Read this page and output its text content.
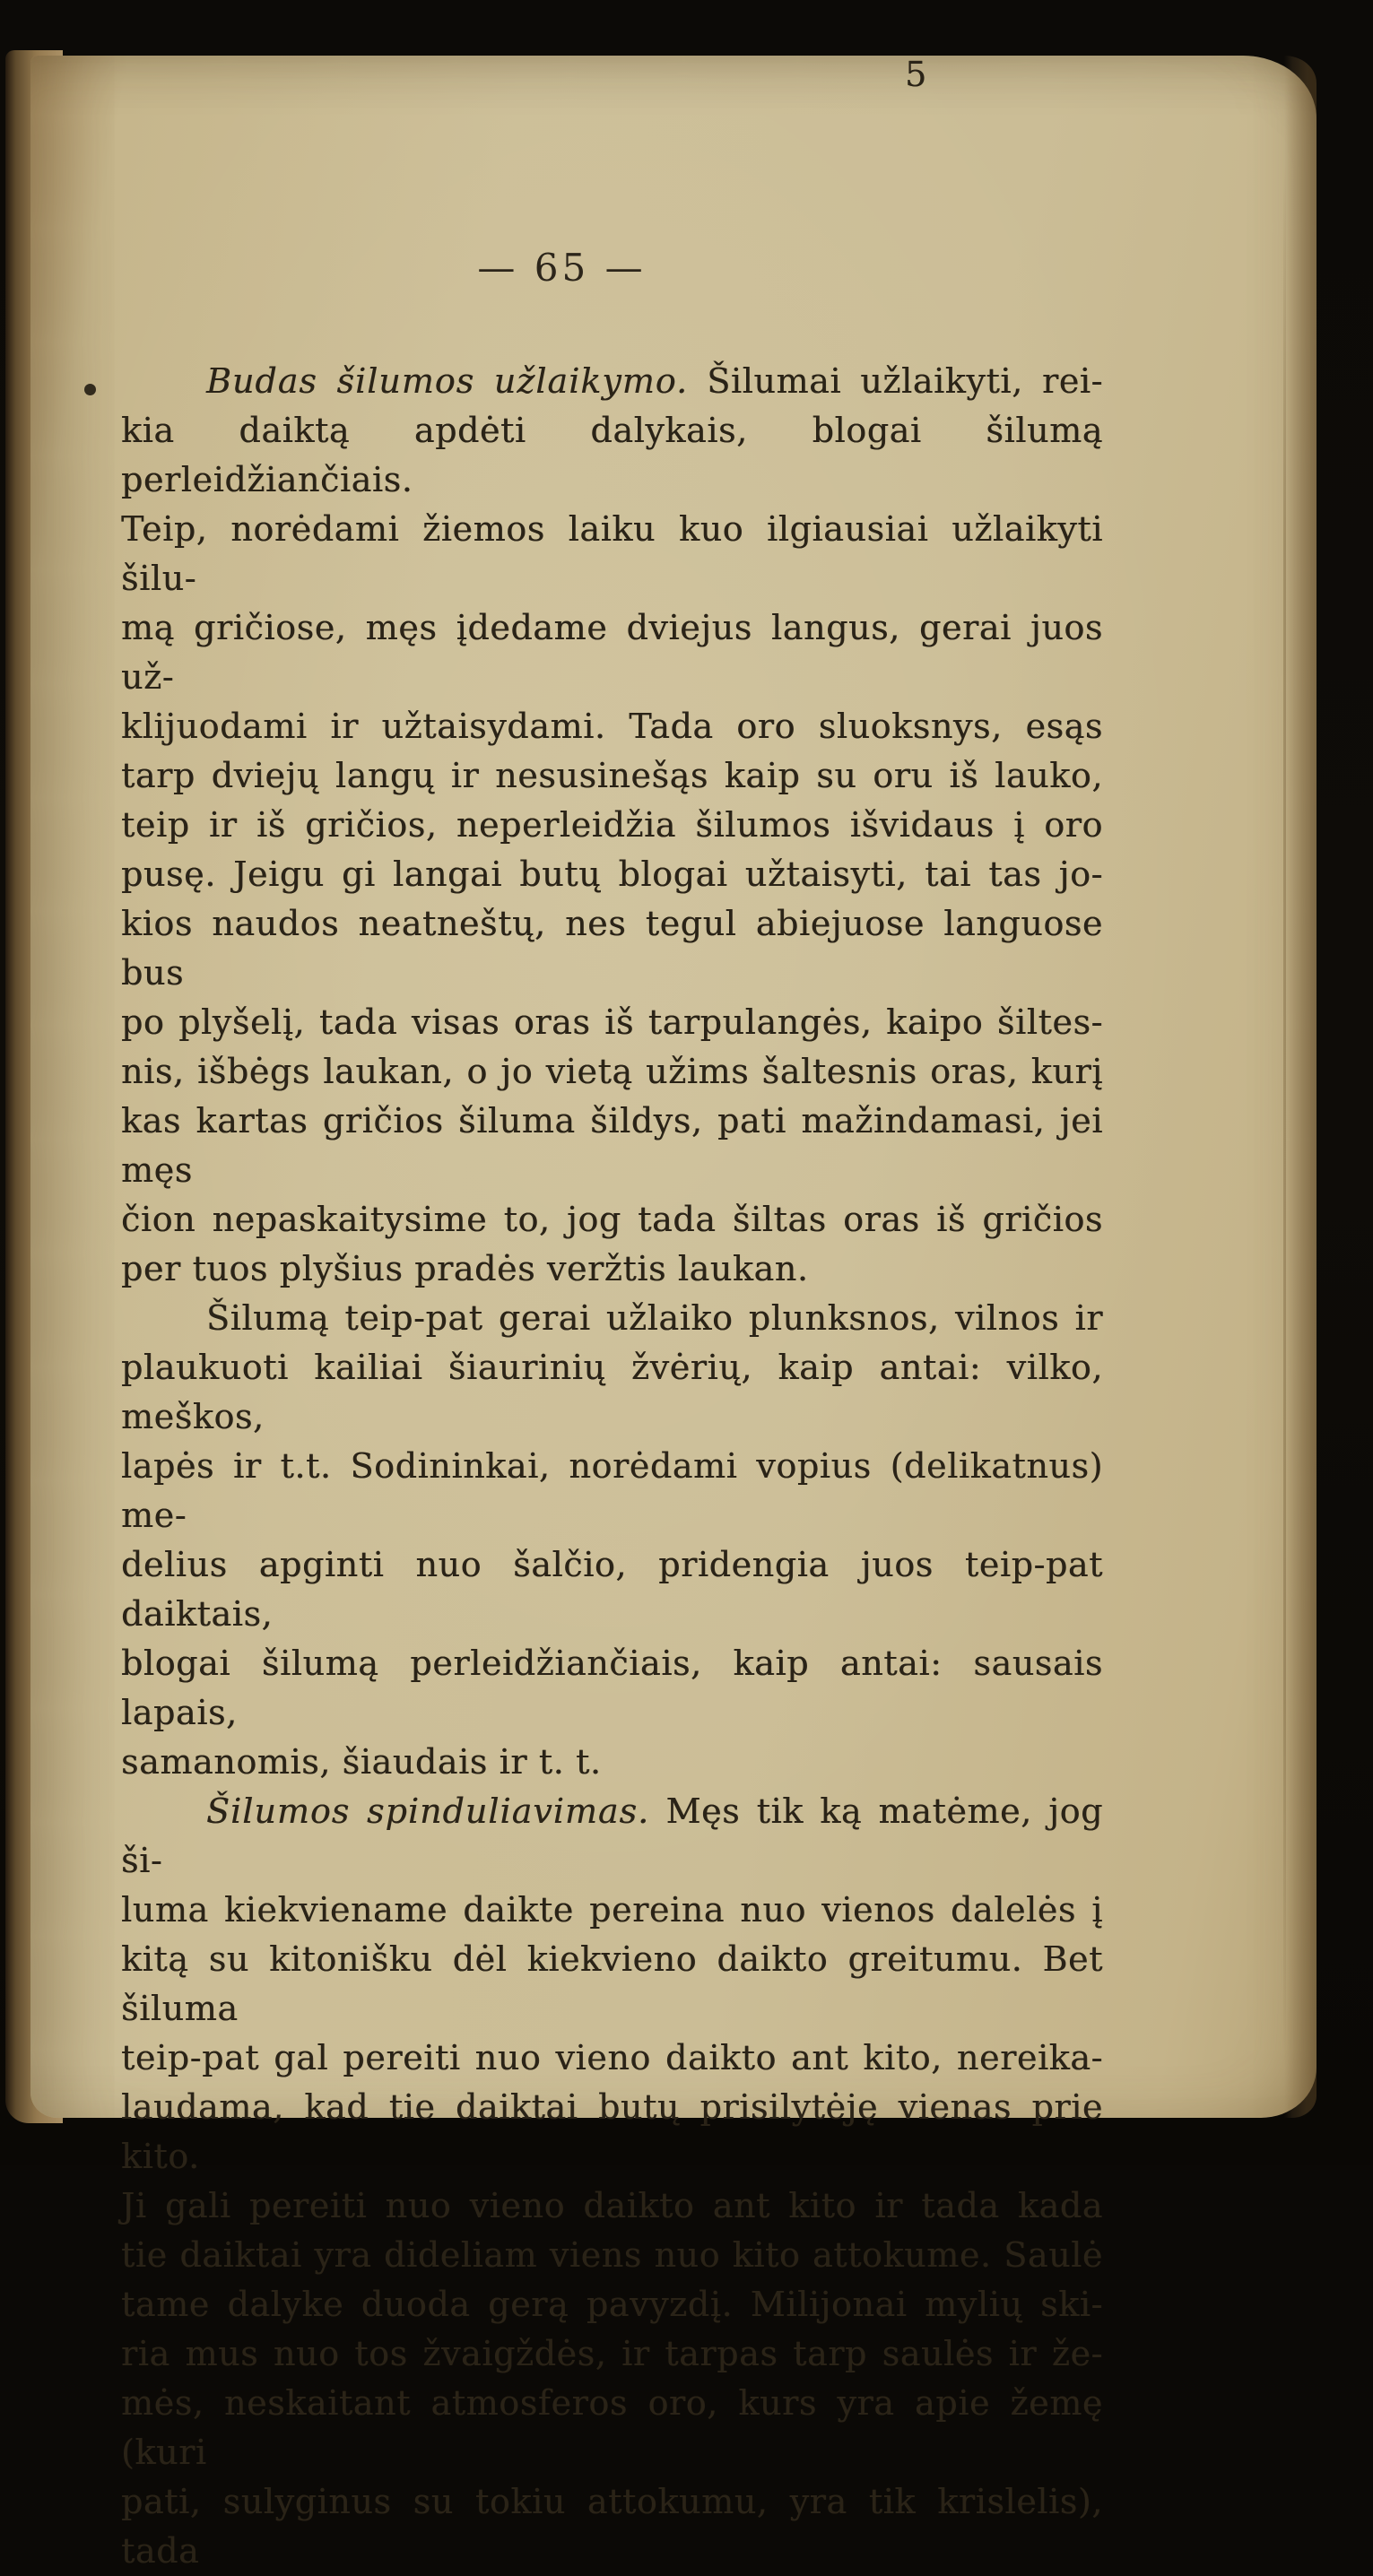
— 65 —
Budas šilumos užlaikymo. Šilumai užlaikyti, rei-
kia daiktą apdėti dalykais, blogai šilumą perleidžiančiais.
Teip, norėdami žiemos laiku kuo ilgiausiai užlaikyti šilu-
mą gričiose, męs įdedame dviejus langus, gerai juos už-
klijuodami ir užtaisydami. Tada oro sluoksnys, esąs
tarp dviejų langų ir nesusinešąs kaip su oru iš lauko,
teip ir iš gričios, neperleidžia šilumos išvidaus į oro
pusę. Jeigu gi langai butų blogai užtaisyti, tai tas jo-
kios naudos neatneštų, nes tegul abiejuose languose bus
po plyšelį, tada visas oras iš tarpulangės, kaipo šiltes-
nis, išbėgs laukan, o jo vietą užims šaltesnis oras, kurį
kas kartas gričios šiluma šildys, pati mažindamasi, jei męs
čion nepaskaitysime to, jog tada šiltas oras iš gričios
per tuos plyšius pradės veržtis laukan.
Šilumą teip-pat gerai užlaiko plunksnos, vilnos ir
plaukuoti kailiai šiaurinių žvėrių, kaip antai: vilko, meškos,
lapės ir t.t. Sodininkai, norėdami vopius (delikatnus) me-
delius apginti nuo šalčio, pridengia juos teip-pat daiktais,
blogai šilumą perleidžiančiais, kaip antai: sausais lapais,
samanomis, šiaudais ir t. t.
Šilumos spinduliavimas. Męs tik ką matėme, jog ši-
luma kiekviename daikte pereina nuo vienos dalelės į
kitą su kitonišku dėl kiekvieno daikto greitumu. Bet šiluma
teip-pat gal pereiti nuo vieno daikto ant kito, nereika-
laudama, kad tie daiktai butų prisilytėję vienas prie kito.
Ji gali pereiti nuo vieno daikto ant kito ir tada kada
tie daiktai yra dideliam viens nuo kito attokume. Saulė
tame dalyke duoda gerą pavyzdį. Milijonai mylių ski-
ria mus nuo tos žvaigždės, ir tarpas tarp saulės ir že-
mės, neskaitant atmosferos oro, kurs yra apie žemę (kuri
pati, sulyginus su tokiu attokumu, yra tik krislelis), tada
5
